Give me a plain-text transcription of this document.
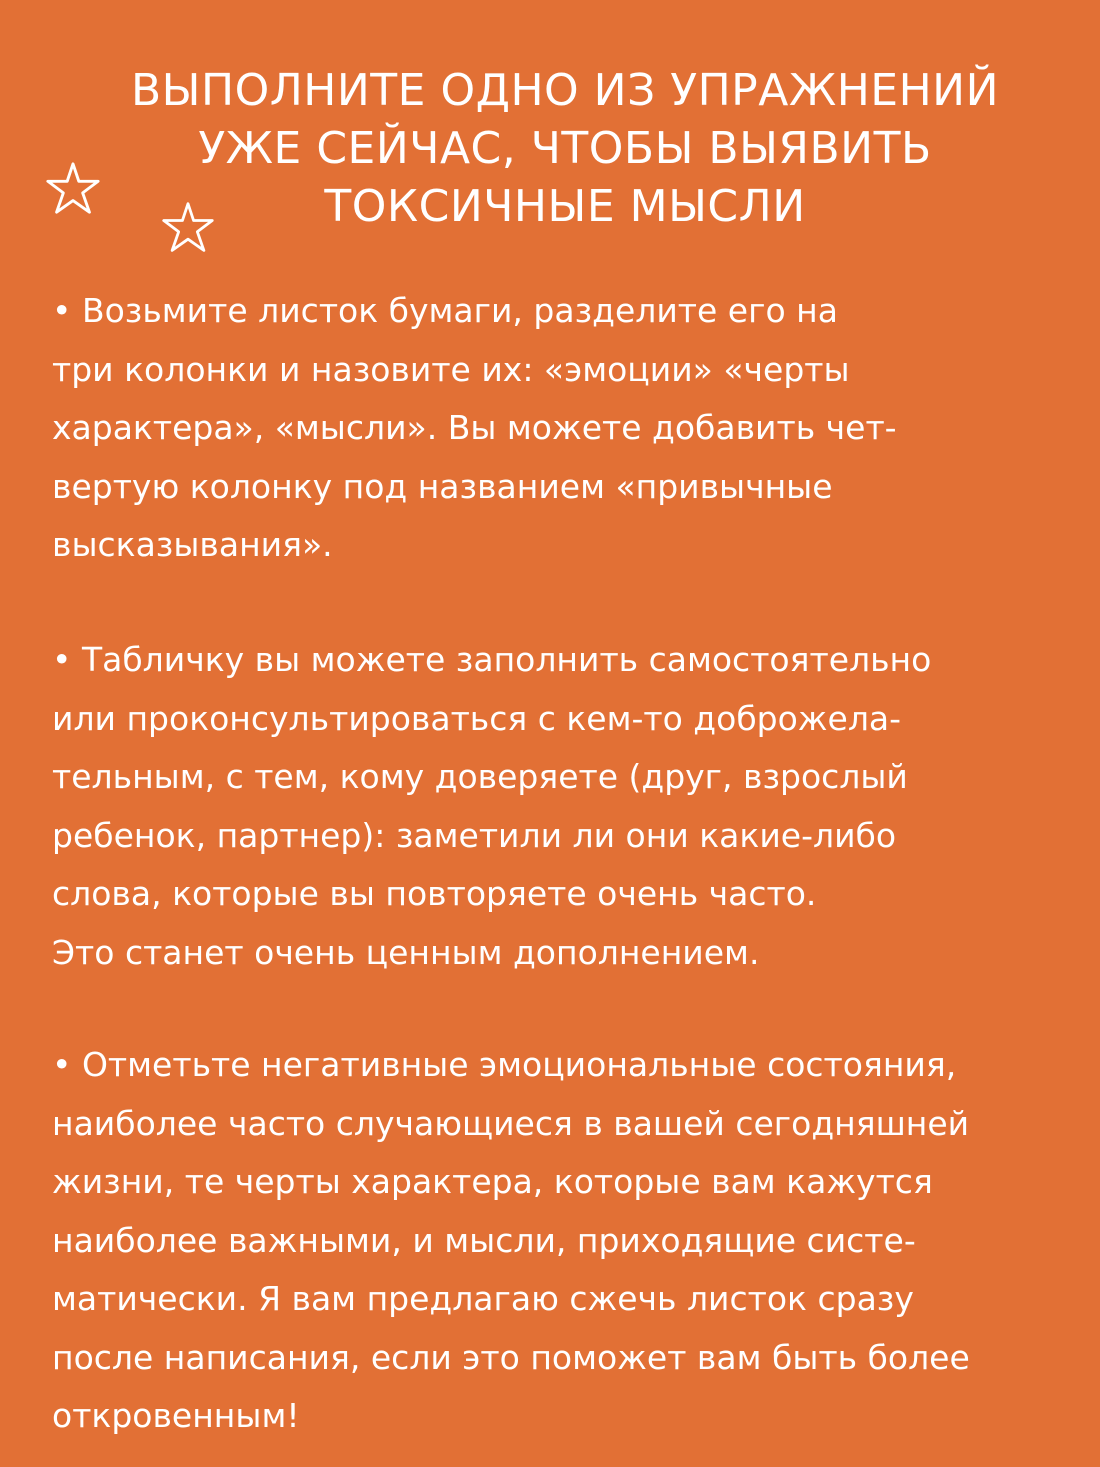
ВЫПОЛНИТЕ ОДНО ИЗ УПРАЖНЕНИЙ
УЖЕ СЕЙЧАС, ЧТОБЫ ВЫЯВИТЬ
ТОКСИЧНЫЕ МЫСЛИ
• Возьмите листок бумаги, разделите его на
три колонки и назовите их: «эмоции» «черты
характера», «мысли». Вы можете добавить чет-
вертую колонку под названием «привычные
высказывания».
• Табличку вы можете заполнить самостоятельно
или проконсультироваться с кем-то доброжела-
тельным, с тем, кому доверяете (друг, взрослый
ребенок, партнер): заметили ли они какие-либо
слова, которые вы повторяете очень часто.
Это станет очень ценным дополнением.
• Отметьте негативные эмоциональные состояния,
наиболее часто случающиеся в вашей сегодняшней
жизни, те черты характера, которые вам кажутся
наиболее важными, и мысли, приходящие систе-
матически. Я вам предлагаю сжечь листок сразу
после написания, если это поможет вам быть более
откровенным!
